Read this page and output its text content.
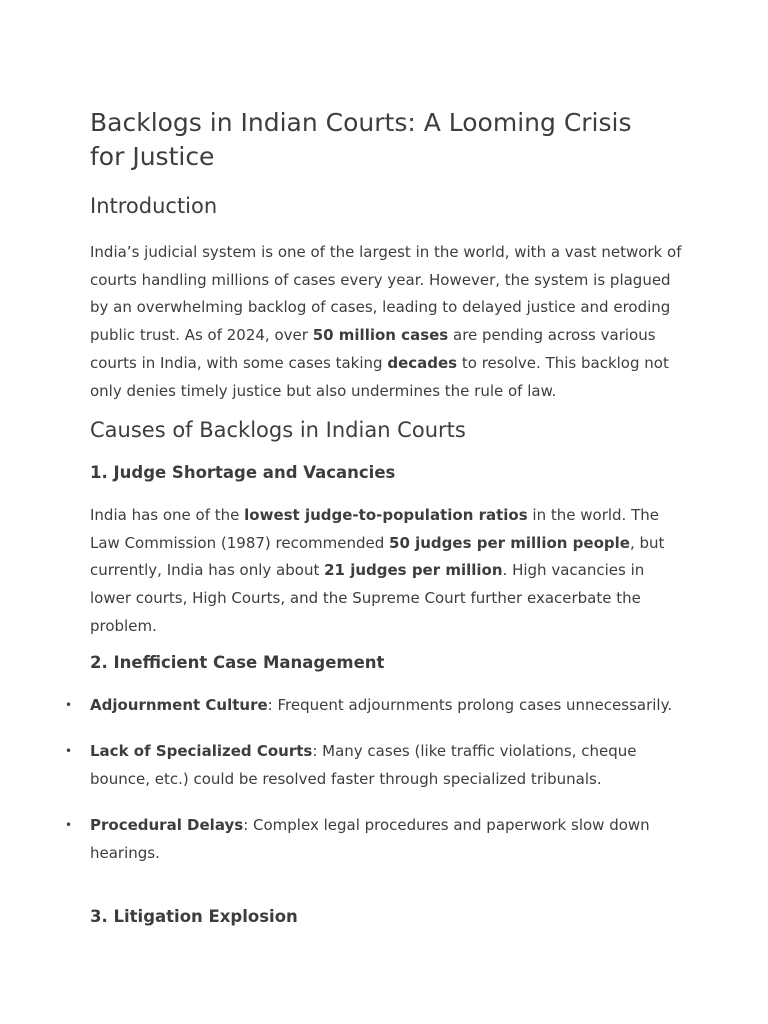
Backlogs in Indian Courts: A Looming Crisis for Justice
Introduction

India’s judicial system is one of the largest in the world, with a vast network of courts handling millions of cases every year. However, the system is plagued by an overwhelming backlog of cases, leading to delayed justice and eroding public trust. As of 2024, over 50 million cases are pending across various courts in India, with some cases taking decades to resolve. This backlog not only denies timely justice but also undermines the rule of law.

Causes of Backlogs in Indian Courts
1. Judge Shortage and Vacancies

India has one of the lowest judge-to-population ratios in the world. The Law Commission (1987) recommended 50 judges per million people, but currently, India has only about 21 judges per million. High vacancies in lower courts, High Courts, and the Supreme Court further exacerbate the problem.

2. Inefficient Case Management
• Adjournment Culture: Frequent adjournments prolong cases unnecessarily.
• Lack of Specialized Courts: Many cases (like traffic violations, cheque bounce, etc.) could be resolved faster through specialized tribunals.
• Procedural Delays: Complex legal procedures and paperwork slow down hearings.
3. Litigation Explosion
